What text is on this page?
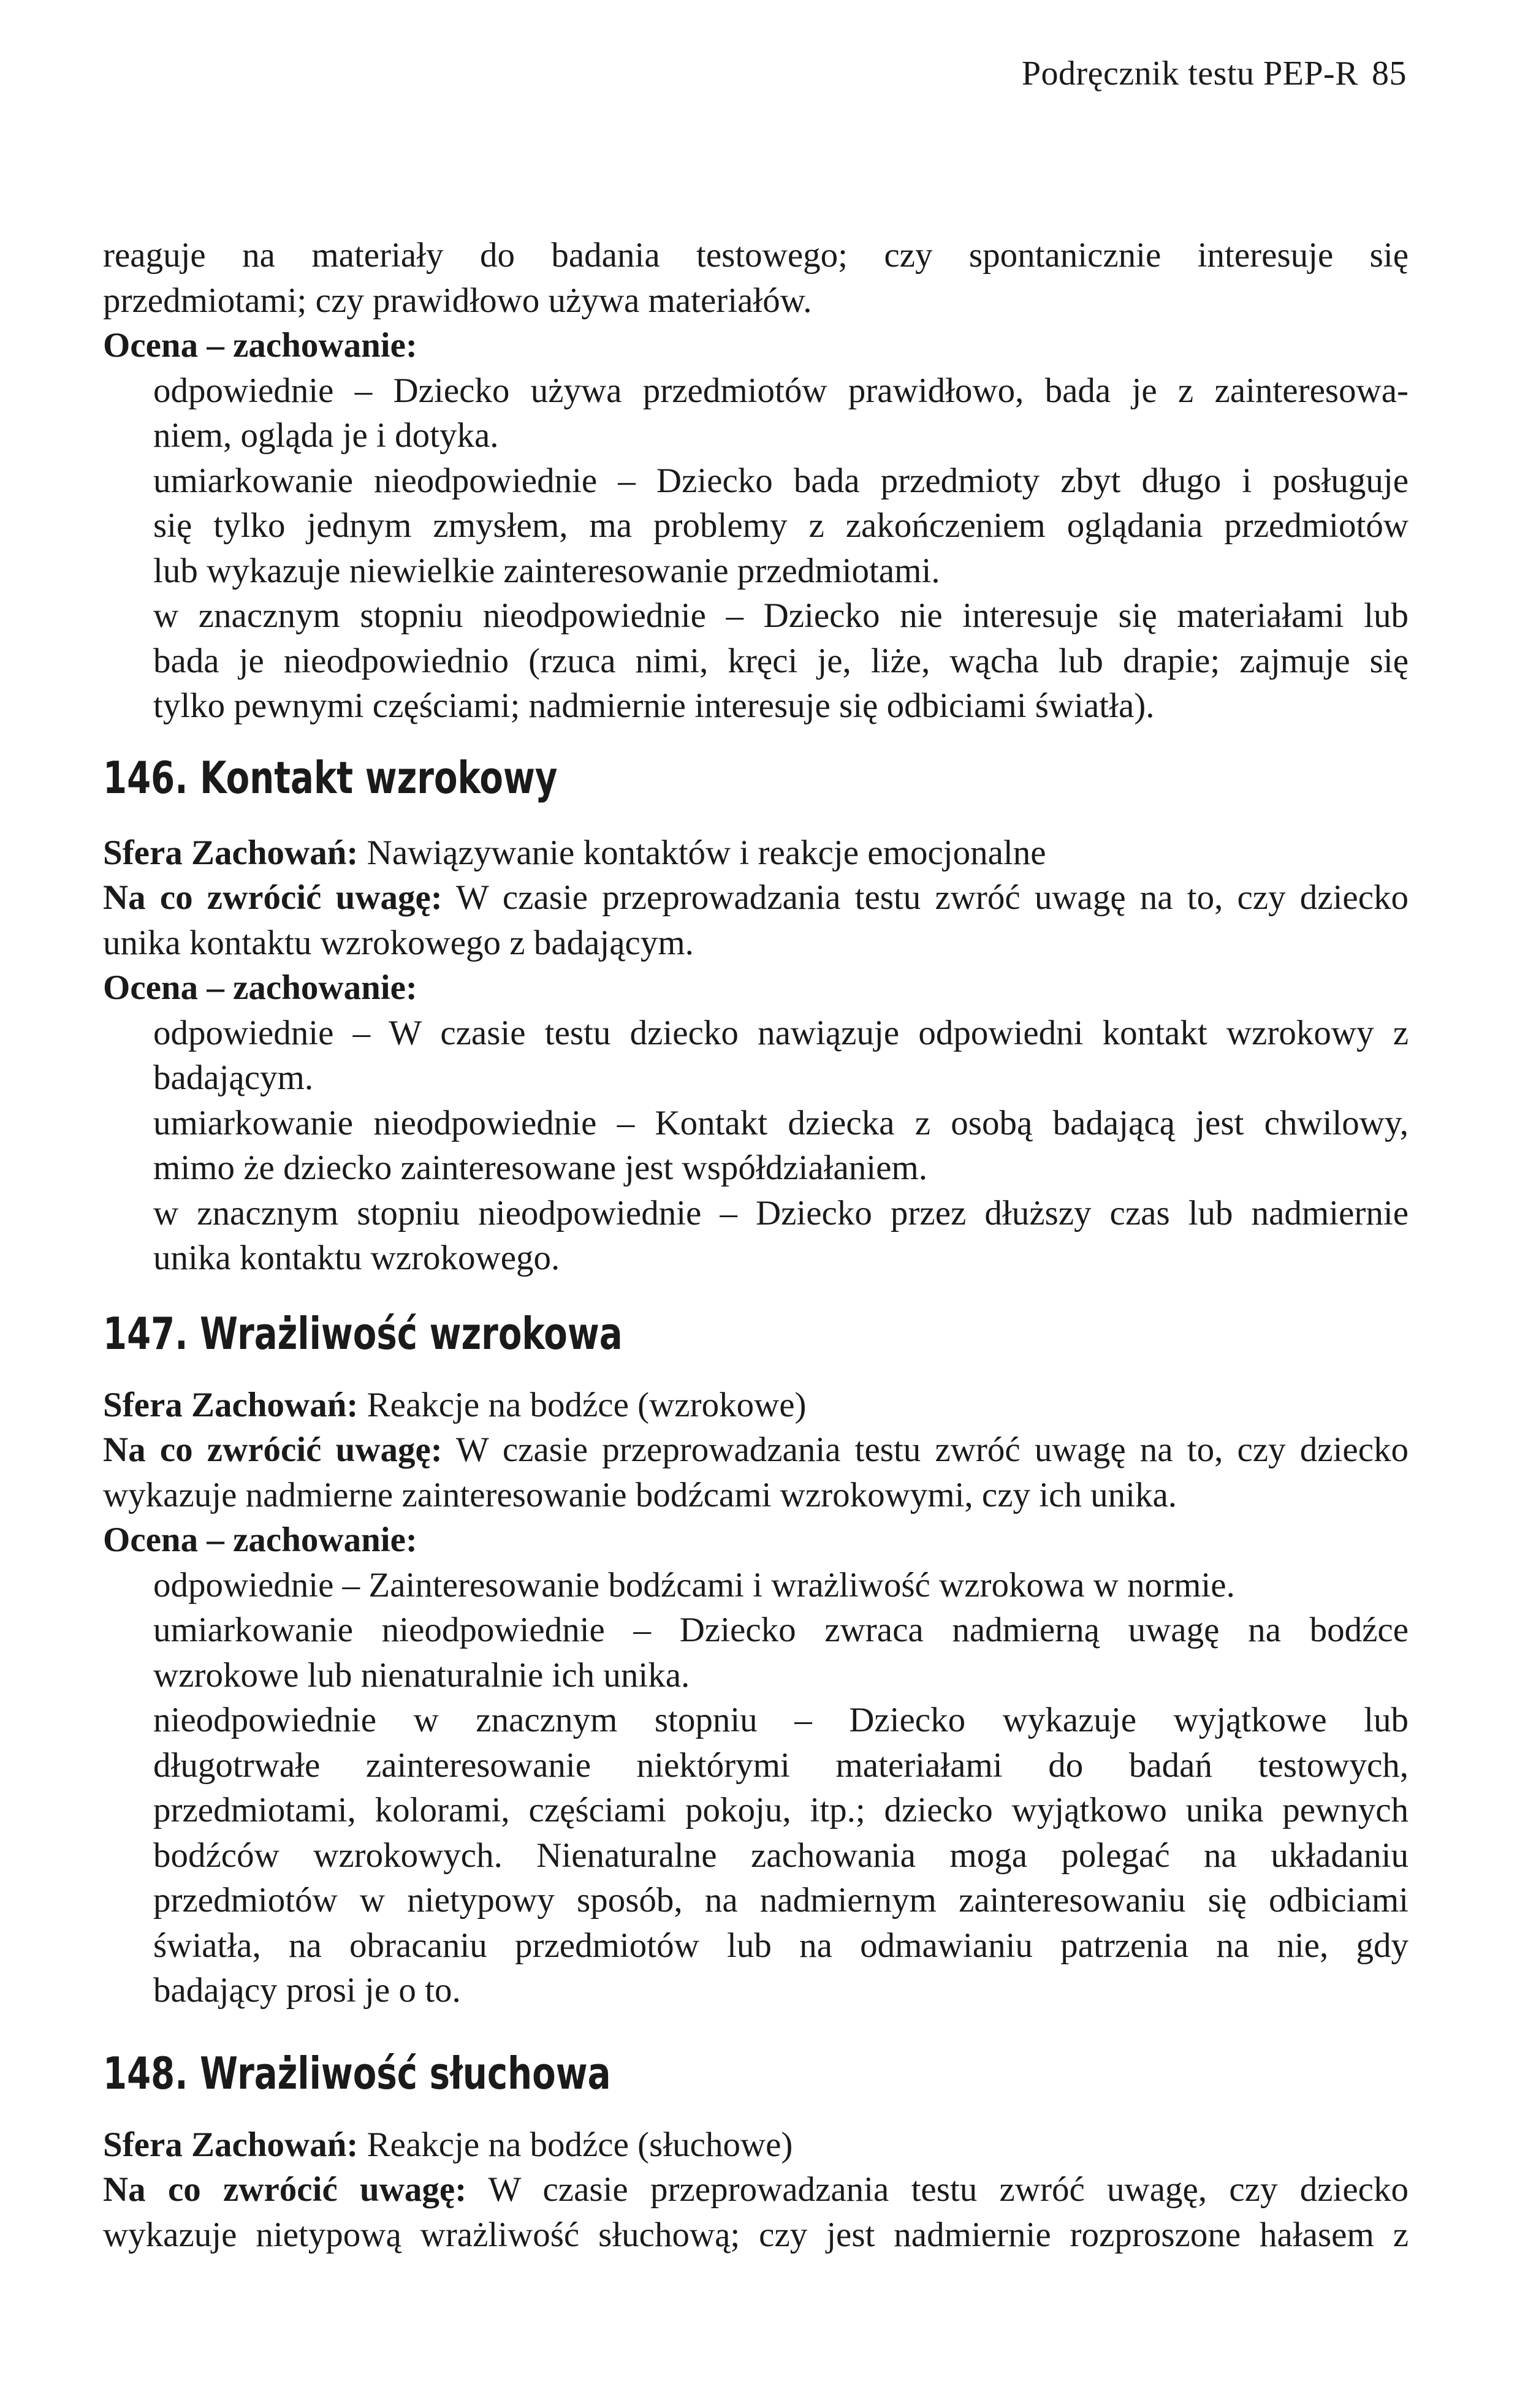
Podręcznik testu PEP-R 85
reaguje na materiały do badania testowego; czy spontanicznie interesuje się
przedmiotami; czy prawidłowo używa materiałów.
Ocena – zachowanie:
odpowiednie – Dziecko używa przedmiotów prawidłowo, bada je z zainteresowa-
niem, ogląda je i dotyka.
umiarkowanie nieodpowiednie – Dziecko bada przedmioty zbyt długo i posługuje
się tylko jednym zmysłem, ma problemy z zakończeniem oglądania przedmiotów
lub wykazuje niewielkie zainteresowanie przedmiotami.
w znacznym stopniu nieodpowiednie – Dziecko nie interesuje się materiałami lub
bada je nieodpowiednio (rzuca nimi, kręci je, liże, wącha lub drapie; zajmuje się
tylko pewnymi częściami; nadmiernie interesuje się odbiciami światła).
146. Kontakt wzrokowy
Sfera Zachowań: Nawiązywanie kontaktów i reakcje emocjonalne
Na co zwrócić uwagę: W czasie przeprowadzania testu zwróć uwagę na to, czy dziecko
unika kontaktu wzrokowego z badającym.
Ocena – zachowanie:
odpowiednie – W czasie testu dziecko nawiązuje odpowiedni kontakt wzrokowy z
badającym.
umiarkowanie nieodpowiednie – Kontakt dziecka z osobą badającą jest chwilowy,
mimo że dziecko zainteresowane jest współdziałaniem.
w znacznym stopniu nieodpowiednie – Dziecko przez dłuższy czas lub nadmiernie
unika kontaktu wzrokowego.
147. Wrażliwość wzrokowa
Sfera Zachowań: Reakcje na bodźce (wzrokowe)
Na co zwrócić uwagę: W czasie przeprowadzania testu zwróć uwagę na to, czy dziecko
wykazuje nadmierne zainteresowanie bodźcami wzrokowymi, czy ich unika.
Ocena – zachowanie:
odpowiednie – Zainteresowanie bodźcami i wrażliwość wzrokowa w normie.
umiarkowanie nieodpowiednie – Dziecko zwraca nadmierną uwagę na bodźce
wzrokowe lub nienaturalnie ich unika.
nieodpowiednie w znacznym stopniu – Dziecko wykazuje wyjątkowe lub
długotrwałe zainteresowanie niektórymi materiałami do badań testowych,
przedmiotami, kolorami, częściami pokoju, itp.; dziecko wyjątkowo unika pewnych
bodźców wzrokowych. Nienaturalne zachowania moga polegać na układaniu
przedmiotów w nietypowy sposób, na nadmiernym zainteresowaniu się odbiciami
światła, na obracaniu przedmiotów lub na odmawianiu patrzenia na nie, gdy
badający prosi je o to.
148. Wrażliwość słuchowa
Sfera Zachowań: Reakcje na bodźce (słuchowe)
Na co zwrócić uwagę: W czasie przeprowadzania testu zwróć uwagę, czy dziecko
wykazuje nietypową wrażliwość słuchową; czy jest nadmiernie rozproszone hałasem z
